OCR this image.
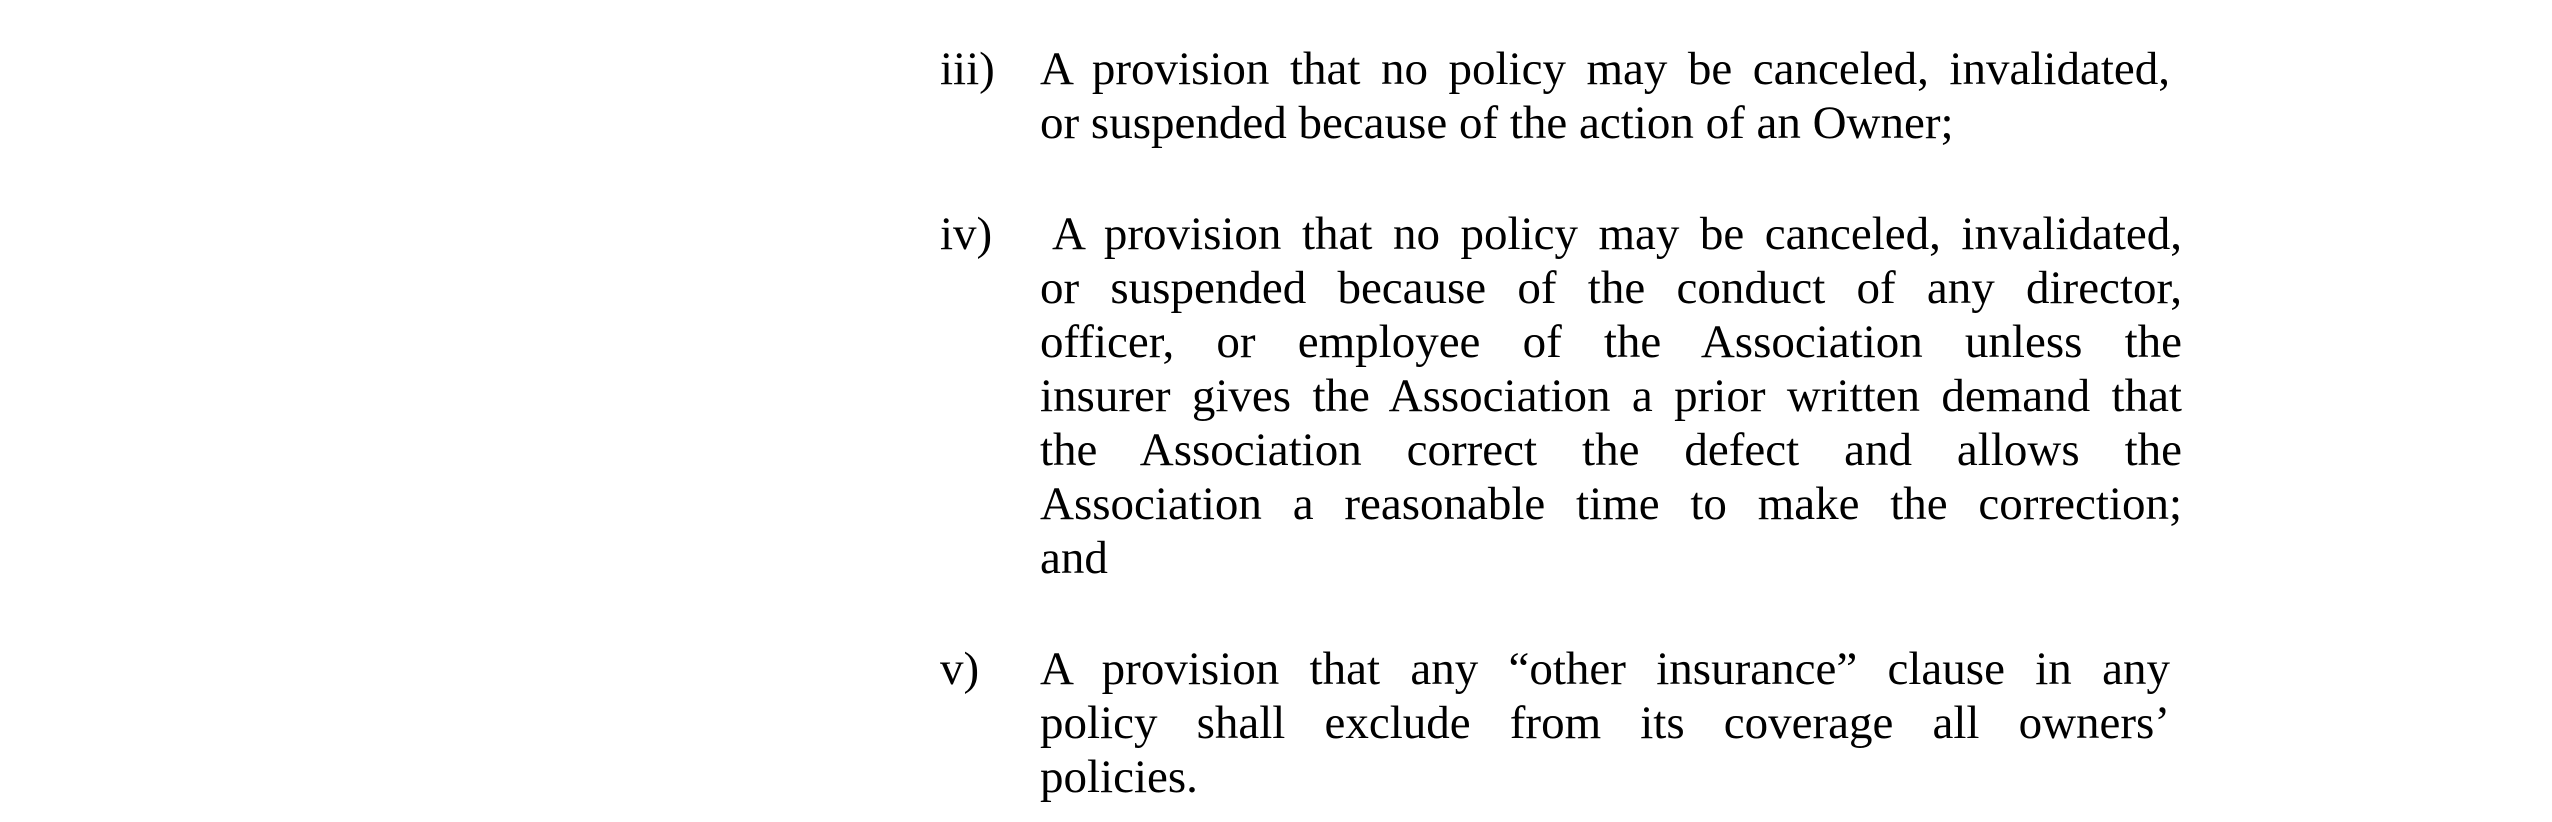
iii) A provision that no policy may be canceled, invalidated,
or suspended because of the action of an Owner;
iv)	A provision that no policy may be canceled, invalidated,
or suspended because of the conduct of any director,
officer, or employee of the Association unless the
insurer gives the Association a prior written demand that
the Association correct the defect and allows the
Association a reasonable time to make the correction;
and
v)	A provision that any “other insurance” clause in any
policy shall exclude from its coverage all owners’
policies.
